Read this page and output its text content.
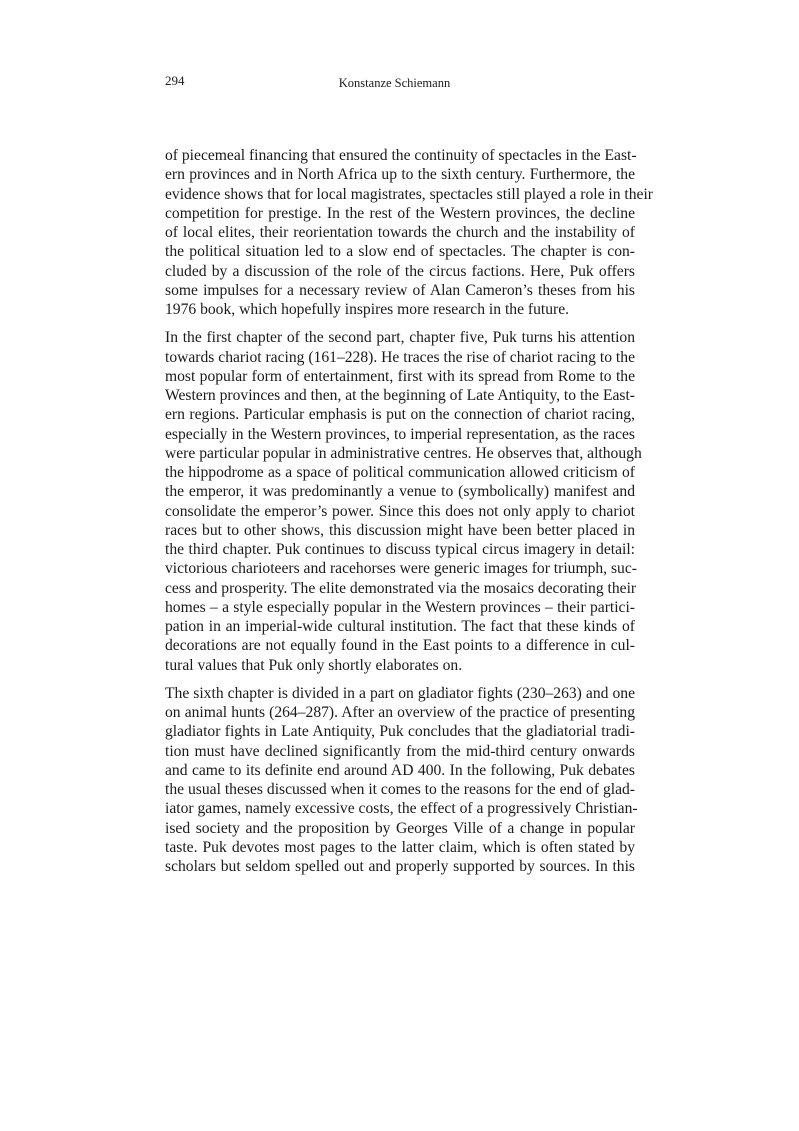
294	Konstanze Schiemann
of piecemeal financing that ensured the continuity of spectacles in the East-
ern provinces and in North Africa up to the sixth century. Furthermore, the
evidence shows that for local magistrates, spectacles still played a role in their
competition for prestige. In the rest of the Western provinces, the decline
of local elites, their reorientation towards the church and the instability of
the political situation led to a slow end of spectacles. The chapter is con-
cluded by a discussion of the role of the circus factions. Here, Puk offers
some impulses for a necessary review of Alan Cameron’s theses from his
1976 book, which hopefully inspires more research in the future.
In the first chapter of the second part, chapter five, Puk turns his attention
towards chariot racing (161–228). He traces the rise of chariot racing to the
most popular form of entertainment, first with its spread from Rome to the
Western provinces and then, at the beginning of Late Antiquity, to the East-
ern regions. Particular emphasis is put on the connection of chariot racing,
especially in the Western provinces, to imperial representation, as the races
were particular popular in administrative centres. He observes that, although
the hippodrome as a space of political communication allowed criticism of
the emperor, it was predominantly a venue to (symbolically) manifest and
consolidate the emperor’s power. Since this does not only apply to chariot
races but to other shows, this discussion might have been better placed in
the third chapter. Puk continues to discuss typical circus imagery in detail:
victorious charioteers and racehorses were generic images for triumph, suc-
cess and prosperity. The elite demonstrated via the mosaics decorating their
homes – a style especially popular in the Western provinces – their partici-
pation in an imperial-wide cultural institution. The fact that these kinds of
decorations are not equally found in the East points to a difference in cul-
tural values that Puk only shortly elaborates on.
The sixth chapter is divided in a part on gladiator fights (230–263) and one
on animal hunts (264–287). After an overview of the practice of presenting
gladiator fights in Late Antiquity, Puk concludes that the gladiatorial tradi-
tion must have declined significantly from the mid-third century onwards
and came to its definite end around AD 400. In the following, Puk debates
the usual theses discussed when it comes to the reasons for the end of glad-
iator games, namely excessive costs, the effect of a progressively Christian-
ised society and the proposition by Georges Ville of a change in popular
taste. Puk devotes most pages to the latter claim, which is often stated by
scholars but seldom spelled out and properly supported by sources. In this
